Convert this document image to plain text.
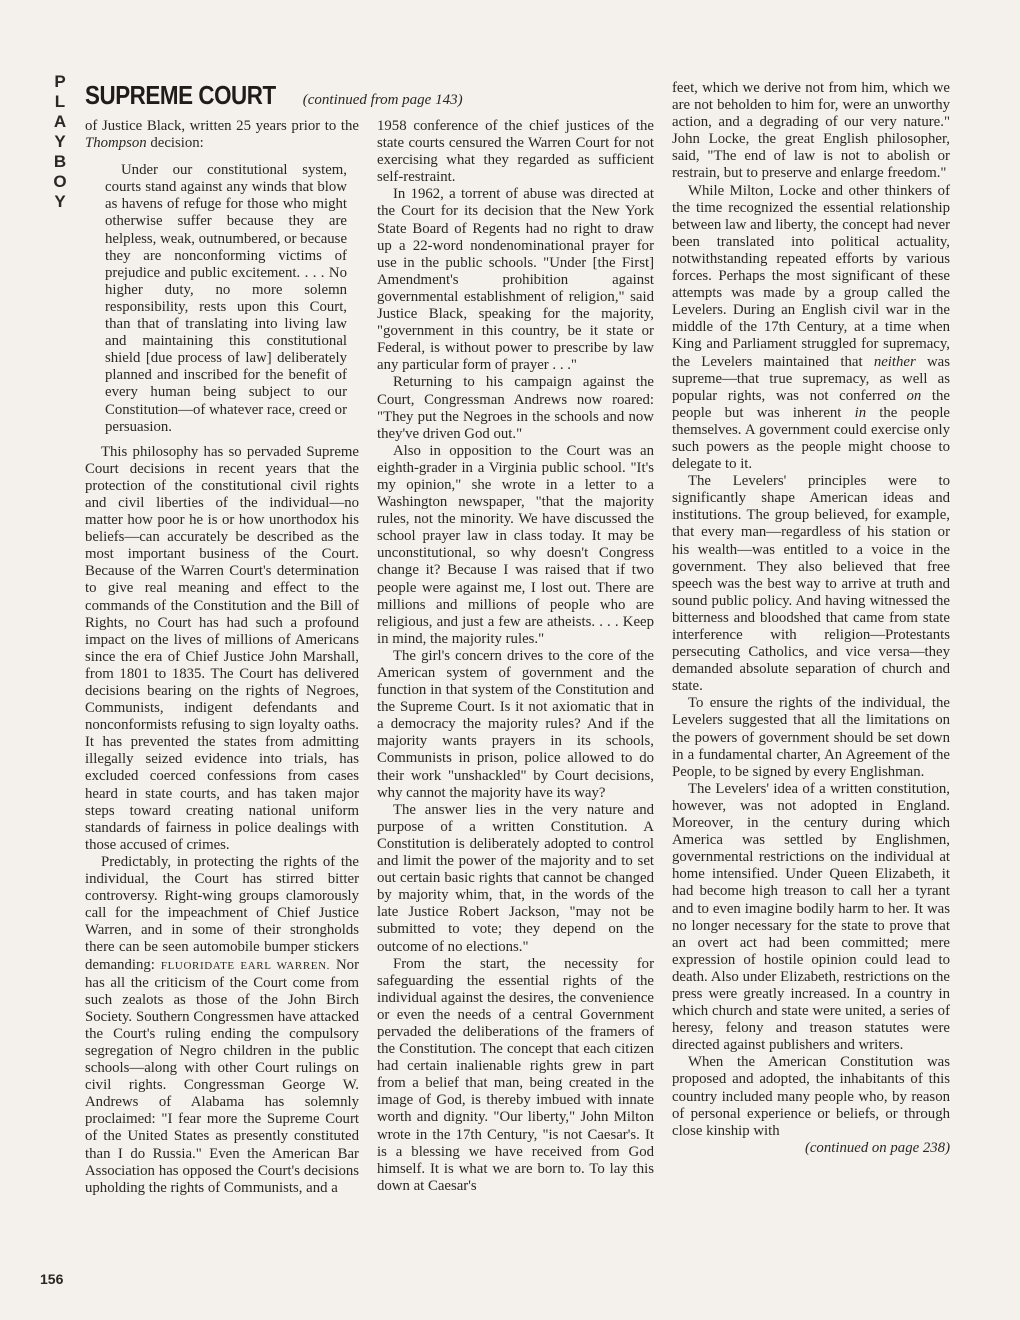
P
L
A
Y
B
O
Y
SUPREME COURT (continued from page 143)

of Justice Black, written 25 years prior to the Thompson decision:

Under our constitutional system, courts stand against any winds that blow as havens of refuge for those who might otherwise suffer because they are helpless, weak, outnumbered, or because they are nonconforming victims of prejudice and public excitement. . . . No higher duty, no more solemn responsibility, rests upon this Court, than that of translating into living law and maintaining this constitutional shield [due process of law] deliberately planned and inscribed for the benefit of every human being subject to our Constitution—of whatever race, creed or persuasion.

This philosophy has so pervaded Supreme Court decisions in recent years that the protection of the constitutional civil rights and civil liberties of the individual—no matter how poor he is or how unorthodox his beliefs—can accurately be described as the most important business of the Court. Because of the Warren Court's determination to give real meaning and effect to the commands of the Constitution and the Bill of Rights, no Court has had such a profound impact on the lives of millions of Americans since the era of Chief Justice John Marshall, from 1801 to 1835. The Court has delivered decisions bearing on the rights of Negroes, Communists, indigent defendants and nonconformists refusing to sign loyalty oaths. It has prevented the states from admitting illegally seized evidence into trials, has excluded coerced confessions from cases heard in state courts, and has taken major steps toward creating national uniform standards of fairness in police dealings with those accused of crimes.

Predictably, in protecting the rights of the individual, the Court has stirred bitter controversy. Right-wing groups clamorously call for the impeachment of Chief Justice Warren, and in some of their strongholds there can be seen automobile bumper stickers demanding: FLUORIDATE EARL WARREN. Nor has all the criticism of the Court come from such zealots as those of the John Birch Society. Southern Congressmen have attacked the Court's ruling ending the compulsory segregation of Negro children in the public schools—along with other Court rulings on civil rights. Congressman George W. Andrews of Alabama has solemnly proclaimed: "I fear more the Supreme Court of the United States as presently constituted than I do Russia." Even the American Bar Association has opposed the Court's decisions upholding the rights of Communists, and a

1958 conference of the chief justices of the state courts censured the Warren Court for not exercising what they regarded as sufficient self-restraint.

In 1962, a torrent of abuse was directed at the Court for its decision that the New York State Board of Regents had no right to draw up a 22-word nondenominational prayer for use in the public schools. "Under [the First] Amendment's prohibition against governmental establishment of religion," said Justice Black, speaking for the majority, "government in this country, be it state or Federal, is without power to prescribe by law any particular form of prayer . . ."

Returning to his campaign against the Court, Congressman Andrews now roared: "They put the Negroes in the schools and now they've driven God out."

Also in opposition to the Court was an eighth-grader in a Virginia public school. "It's my opinion," she wrote in a letter to a Washington newspaper, "that the majority rules, not the minority. We have discussed the school prayer law in class today. It may be unconstitutional, so why doesn't Congress change it? Because I was raised that if two people were against me, I lost out. There are millions and millions of people who are religious, and just a few are atheists. . . . Keep in mind, the majority rules."

The girl's concern drives to the core of the American system of government and the function in that system of the Constitution and the Supreme Court. Is it not axiomatic that in a democracy the majority rules? And if the majority wants prayers in its schools, Communists in prison, police allowed to do their work "unshackled" by Court decisions, why cannot the majority have its way?

The answer lies in the very nature and purpose of a written Constitution. A Constitution is deliberately adopted to control and limit the power of the majority and to set out certain basic rights that cannot be changed by majority whim, that, in the words of the late Justice Robert Jackson, "may not be submitted to vote; they depend on the outcome of no elections."

From the start, the necessity for safeguarding the essential rights of the individual against the desires, the convenience or even the needs of a central Government pervaded the deliberations of the framers of the Constitution. The concept that each citizen had certain inalienable rights grew in part from a belief that man, being created in the image of God, is thereby imbued with innate worth and dignity. "Our liberty," John Milton wrote in the 17th Century, "is not Caesar's. It is a blessing we have received from God himself. It is what we are born to. To lay this down at Caesar's

feet, which we derive not from him, which we are not beholden to him for, were an unworthy action, and a degrading of our very nature." John Locke, the great English philosopher, said, "The end of law is not to abolish or restrain, but to preserve and enlarge freedom."

While Milton, Locke and other thinkers of the time recognized the essential relationship between law and liberty, the concept had never been translated into political actuality, notwithstanding repeated efforts by various forces. Perhaps the most significant of these attempts was made by a group called the Levelers. During an English civil war in the middle of the 17th Century, at a time when King and Parliament struggled for supremacy, the Levelers maintained that neither was supreme—that true supremacy, as well as popular rights, was not conferred on the people but was inherent in the people themselves. A government could exercise only such powers as the people might choose to delegate to it.

The Levelers' principles were to significantly shape American ideas and institutions. The group believed, for example, that every man—regardless of his station or his wealth—was entitled to a voice in the government. They also believed that free speech was the best way to arrive at truth and sound public policy. And having witnessed the bitterness and bloodshed that came from state interference with religion—Protestants persecuting Catholics, and vice versa—they demanded absolute separation of church and state.

To ensure the rights of the individual, the Levelers suggested that all the limitations on the powers of government should be set down in a fundamental charter, An Agreement of the People, to be signed by every Englishman.

The Levelers' idea of a written constitution, however, was not adopted in England. Moreover, in the century during which America was settled by Englishmen, governmental restrictions on the individual at home intensified. Under Queen Elizabeth, it had become high treason to call her a tyrant and to even imagine bodily harm to her. It was no longer necessary for the state to prove that an overt act had been committed; mere expression of hostile opinion could lead to death. Also under Elizabeth, restrictions on the press were greatly increased. In a country in which church and state were united, a series of heresy, felony and treason statutes were directed against publishers and writers.

When the American Constitution was proposed and adopted, the inhabitants of this country included many people who, by reason of personal experience or beliefs, or through close kinship with

(continued on page 238)

156
